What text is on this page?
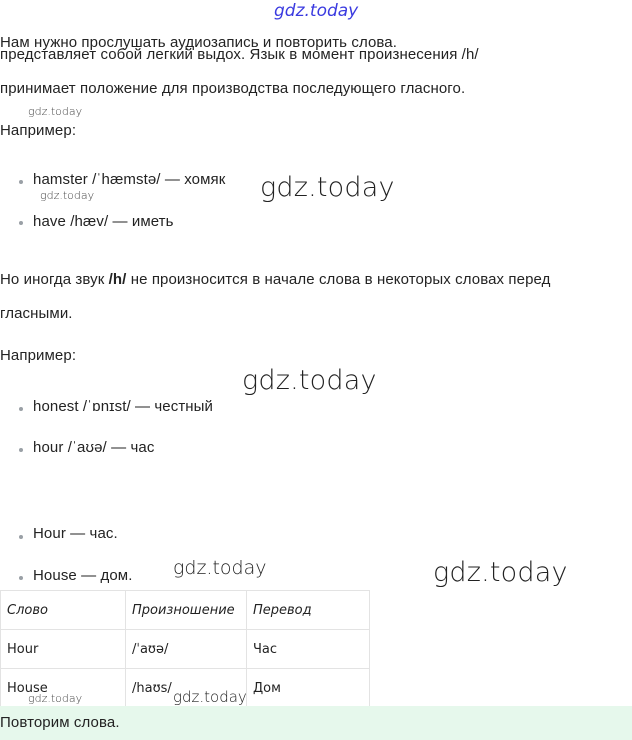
gdz.today
Нам нужно прослушать аудиозапись и повторить слова.
представляет собой легкий выдох. Язык в момент произнесения /h/
принимает положение для производства последующего гласного.
gdz.today
Например:
hamster /ˈhæmstə/ — хомяк
gdz.today	gdz.today
have /hæv/ — иметь
Но иногда звук /h/ не произносится в начале слова в некоторых словах перед
гласными.
Например:
gdz.today
honest /ˈɒnɪst/ — честный
hour /ˈaʊə/ — час
Hour — час.
House — дом. gdz.today	gdz.today
Слово	Произношение	Перевод
Hour	/ˈaʊə/	Час
House	/haʊs/	Дом
gdz.today	gdz.today
Повторим слова.
